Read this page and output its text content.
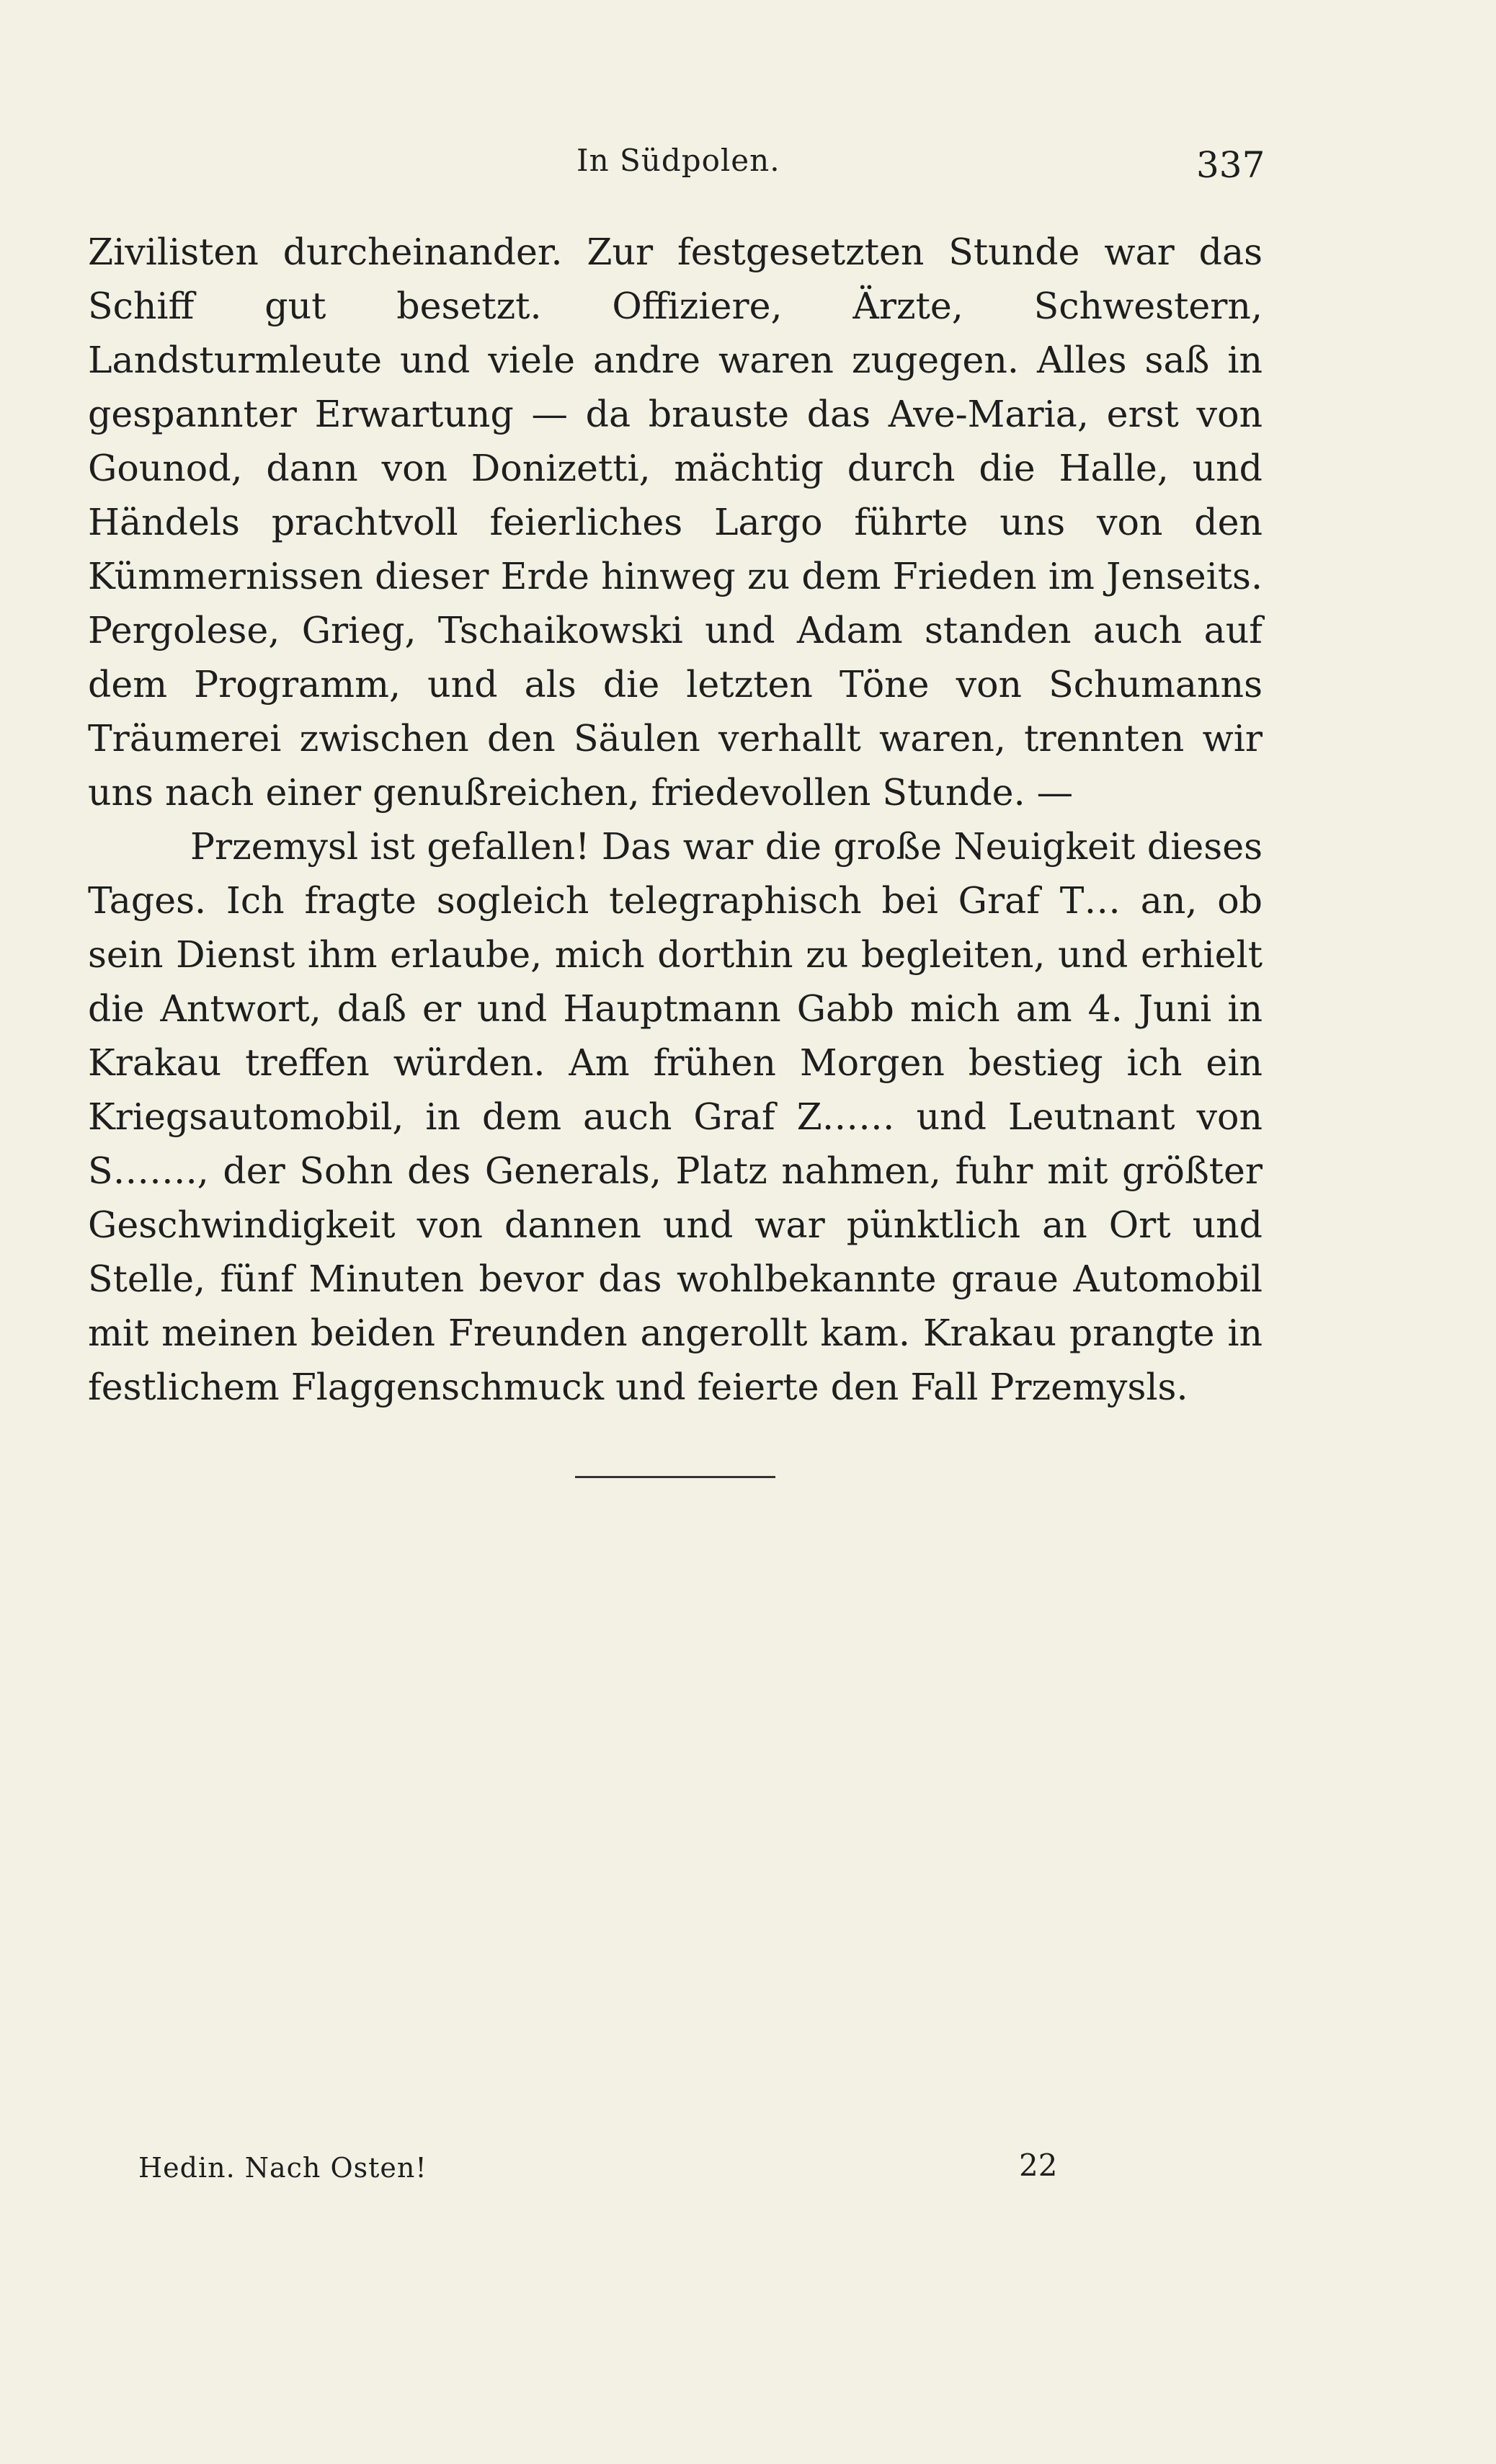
In Südpolen.	337

Zivilisten durcheinander. Zur festgesetzten Stunde war das Schiff gut besetzt. Offiziere, Ärzte, Schwestern, Landsturmleute und viele andre waren zugegen. Alles saß in gespannter Erwartung — da brauste das Ave-Maria, erst von Gounod, dann von Donizetti, mächtig durch die Halle, und Händels prachtvoll feierliches Largo führte uns von den Kümmernissen dieser Erde hinweg zu dem Frieden im Jenseits. Pergolese, Grieg, Tschaikowski und Adam standen auch auf dem Programm, und als die letzten Töne von Schumanns Träumerei zwischen den Säulen verhallt waren, trennten wir uns nach einer genußreichen, friedevollen Stunde. —

Przemysl ist gefallen! Das war die große Neuigkeit dieses Tages. Ich fragte sogleich telegraphisch bei Graf T… an, ob sein Dienst ihm erlaube, mich dorthin zu begleiten, und erhielt die Antwort, daß er und Hauptmann Gabb mich am 4. Juni in Krakau treffen würden. Am frühen Morgen bestieg ich ein Kriegsautomobil, in dem auch Graf Z…… und Leutnant von S……., der Sohn des Generals, Platz nahmen, fuhr mit größter Geschwindigkeit von dannen und war pünktlich an Ort und Stelle, fünf Minuten bevor das wohlbekannte graue Automobil mit meinen beiden Freunden angerollt kam. Krakau prangte in festlichem Flaggenschmuck und feierte den Fall Przemysls.

Hedin. Nach Osten!	22
